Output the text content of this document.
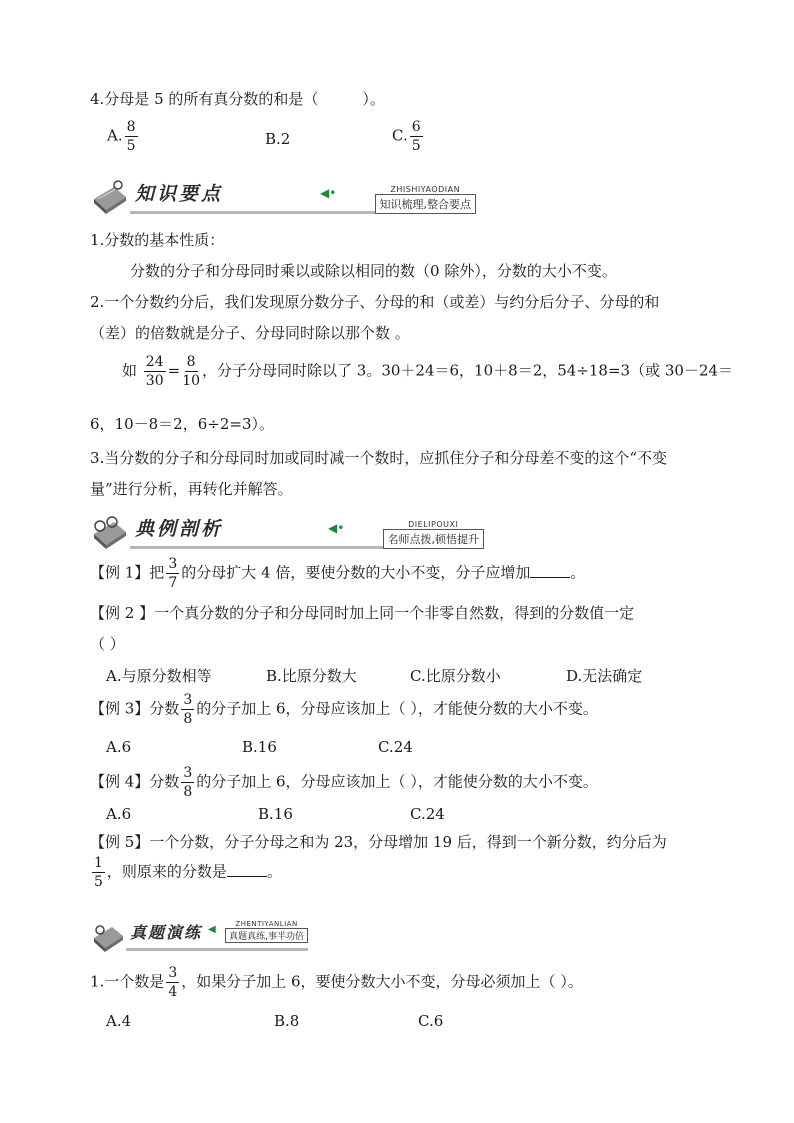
4.分母是 5 的所有真分数的和是（	）。
A. $\frac{8}{5}$	B.2	C. $\frac{6}{5}$
知识要点	◀•	ZHISHIYAODIAN
知识梳理,整合要点
1.分数的基本性质：
分数的分子和分母同时乘以或除以相同的数（0 除外），分数的大小不变。
2.一个分数约分后，我们发现原分数分子、分母的和（或差）与约分后分子、分母的和
（差）的倍数就是分子、分母同时除以那个数 。
如 $\frac{24}{30} = \frac{8}{10}$ ，分子分母同时除以了 3。30＋24＝6，10＋8＝2，54÷18=3（或 30－24＝
6，10－8＝2，6÷2=3）。
3.当分数的分子和分母同时加或同时减一个数时，应抓住分子和分母差不变的这个“不变
量”进行分析，再转化并解答。
典例剖析	◀•	DIELIPOUXI
名师点拨,顿悟提升
【例 1】把 $\frac{3}{7}$ 的分母扩大 4 倍，要使分数的大小不变，分子应增加	。
【例 2 】一个真分数的分子和分母同时加上同一个非零自然数，得到的分数值一定
（ ）
A.与原分数相等	B.比原分数大	C.比原分数小	D.无法确定
【例 3】分数 $\frac{3}{8}$ 的分子加上 6，分母应该加上（ ），才能使分数的大小不变。
A.6	B.16	C.24
【例 4】分数 $\frac{3}{8}$ 的分子加上 6，分母应该加上（ ），才能使分数的大小不变。
A.6	B.16	C.24
【例 5】一个分数，分子分母之和为 23，分母增加 19 后，得到一个新分数，约分后为
$\frac{1}{5}$ ，则原来的分数是	。
真题演练 ◀	ZHENTIYANLIAN
真题真练,事半功倍
1.一个数是 $\frac{3}{4}$ ，如果分子加上 6，要使分数大小不变，分母必须加上（ ）。
A.4	B.8	C.6
